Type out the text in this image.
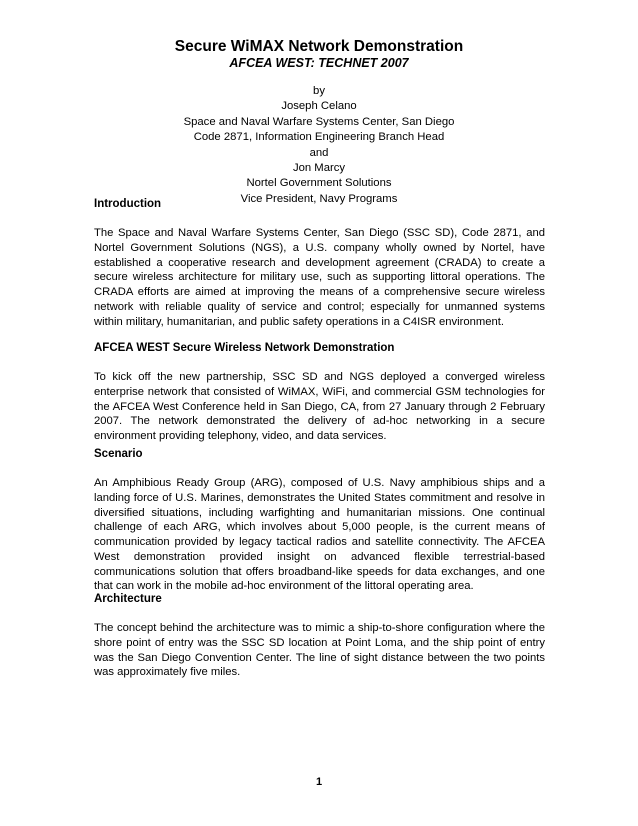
Secure WiMAX Network Demonstration
AFCEA WEST: TECHNET 2007
by
Joseph Celano
Space and Naval Warfare Systems Center, San Diego
Code 2871, Information Engineering Branch Head
and
Jon Marcy
Nortel Government Solutions
Vice President, Navy Programs
Introduction
The Space and Naval Warfare Systems Center, San Diego (SSC SD), Code 2871, and Nortel Government Solutions (NGS), a U.S. company wholly owned by Nortel, have established a cooperative research and development agreement (CRADA) to create a secure wireless architecture for military use, such as supporting littoral operations. The CRADA efforts are aimed at improving the means of a comprehensive secure wireless network with reliable quality of service and control; especially for unmanned systems within military, humanitarian, and public safety operations in a C4ISR environment.
AFCEA WEST Secure Wireless Network Demonstration
To kick off the new partnership, SSC SD and NGS deployed a converged wireless enterprise network that consisted of WiMAX, WiFi, and commercial GSM technologies for the AFCEA West Conference held in San Diego, CA, from 27 January through 2 February 2007. The network demonstrated the delivery of ad-hoc networking in a secure environment providing telephony, video, and data services.
Scenario
An Amphibious Ready Group (ARG), composed of U.S. Navy amphibious ships and a landing force of U.S. Marines, demonstrates the United States commitment and resolve in diversified situations, including warfighting and humanitarian missions. One continual challenge of each ARG, which involves about 5,000 people, is the current means of communication provided by legacy tactical radios and satellite connectivity. The AFCEA West demonstration provided insight on advanced flexible terrestrial-based communications solution that offers broadband-like speeds for data exchanges, and one that can work in the mobile ad-hoc environment of the littoral operating area.
Architecture
The concept behind the architecture was to mimic a ship-to-shore configuration where the shore point of entry was the SSC SD location at Point Loma, and the ship point of entry was the San Diego Convention Center. The line of sight distance between the two points was approximately five miles.
1
